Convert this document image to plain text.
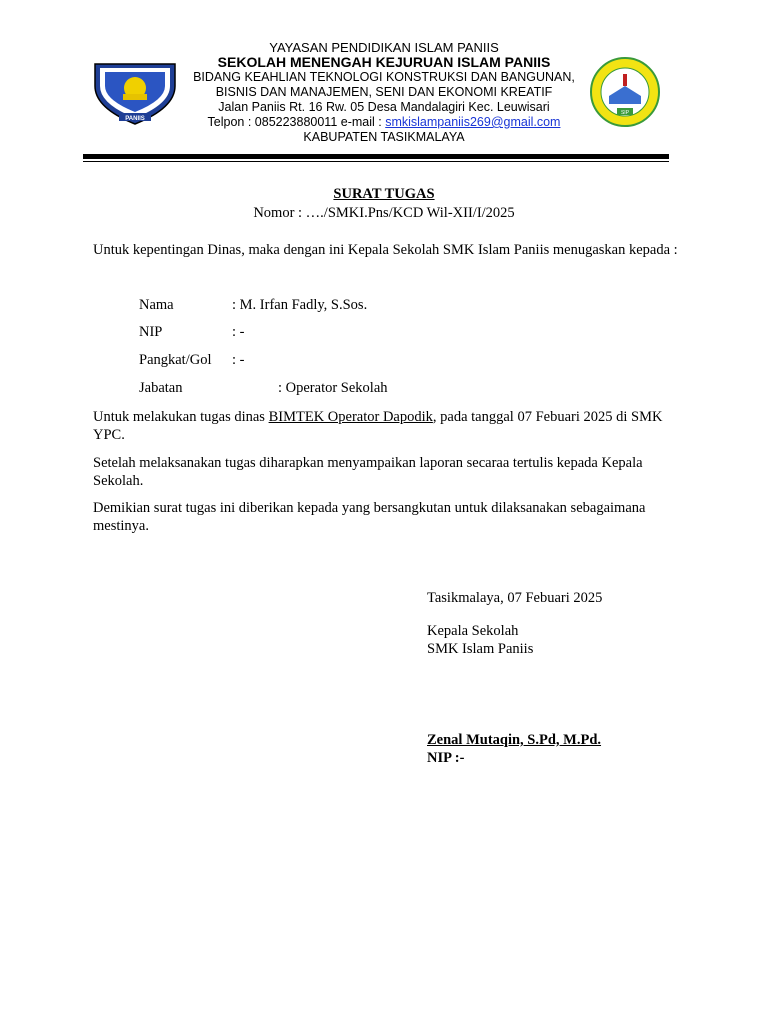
PANIIS
SIP
YAYASAN PENDIDIKAN ISLAM PANIIS
SEKOLAH MENENGAH KEJURUAN ISLAM PANIIS
BIDANG KEAHLIAN TEKNOLOGI KONSTRUKSI DAN BANGUNAN,
BISNIS DAN MANAJEMEN, SENI DAN EKONOMI KREATIF
Jalan Paniis Rt. 16 Rw. 05 Desa Mandalagiri Kec. Leuwisari
Telpon : 085223880011 e-mail : smkislampaniis269@gmail.com
KABUPATEN TASIKMALAYA
SURAT TUGAS
Nomor : …./SMKI.Pns/KCD Wil-XII/I/2025
Untuk kepentingan Dinas, maka dengan ini Kepala Sekolah SMK Islam Paniis menugaskan kepada :
Nama	: M. Irfan Fadly, S.Sos.
NIP	: -
Pangkat/Gol : -
Jabatan	: Operator Sekolah
Untuk melakukan tugas dinas BIMTEK Operator Dapodik, pada tanggal 07 Febuari 2025 di SMK YPC.
Setelah melaksanakan tugas diharapkan menyampaikan laporan secaraa tertulis kepada Kepala Sekolah.
Demikian surat tugas ini diberikan kepada yang bersangkutan untuk dilaksanakan sebagaimana mestinya.
Tasikmalaya, 07 Febuari 2025
Kepala Sekolah
SMK Islam Paniis
Zenal Mutaqin, S.Pd, M.Pd.
NIP :-
